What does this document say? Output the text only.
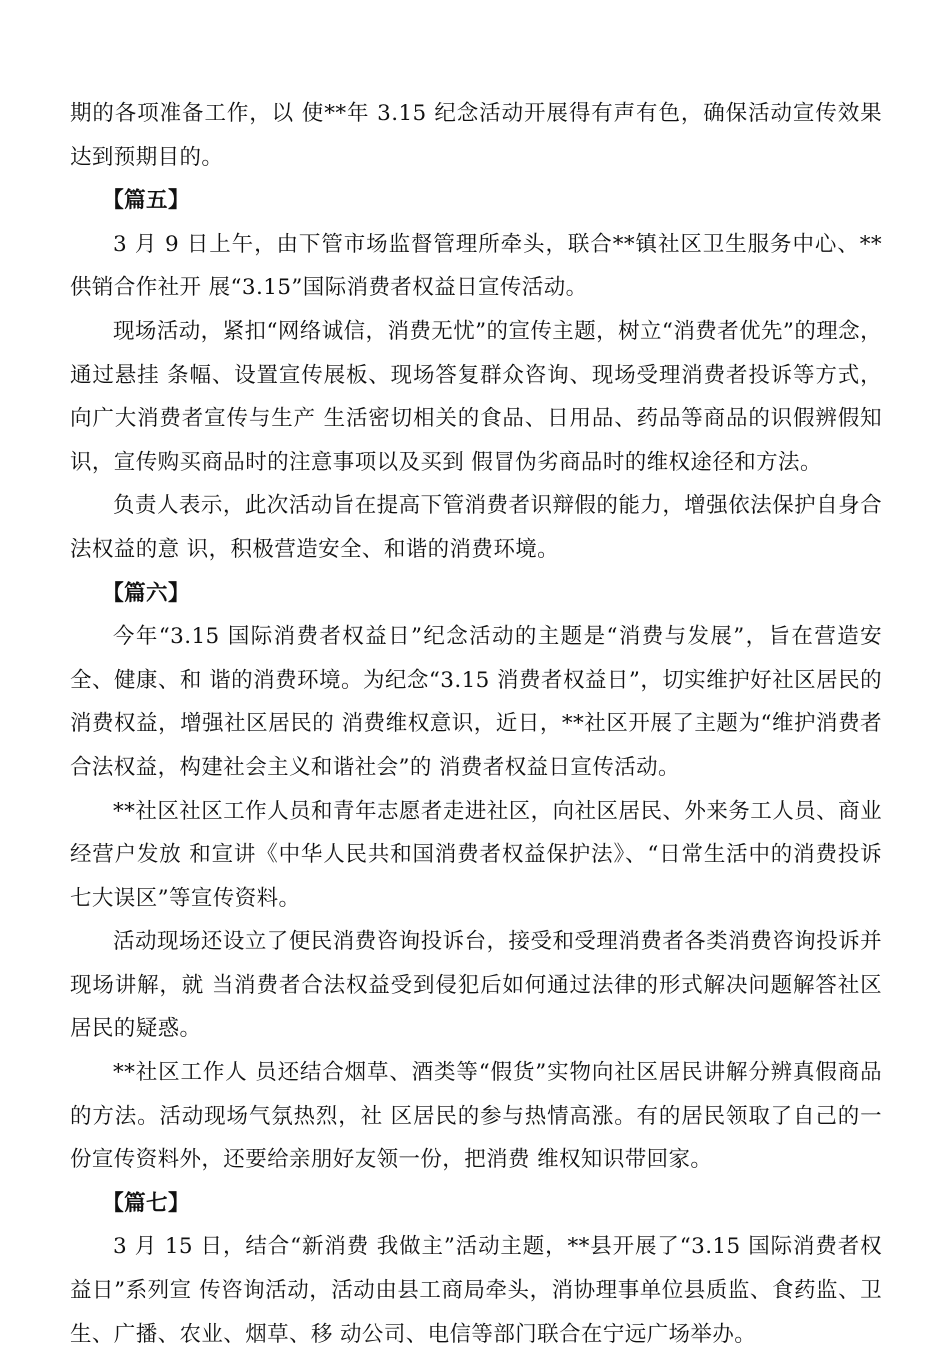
期的各项准备工作，以 使**年 3.15 纪念活动开展得有声有色，确保活动宣传效果达到预期目的。

【篇五】

3 月 9 日上午，由下管市场监督管理所牵头，联合**镇社区卫生服务中心、**供销合作社开 展“3.15”国际消费者权益日宣传活动。

现场活动，紧扣“网络诚信，消费无忧”的宣传主题，树立“消费者优先”的理念，通过悬挂 条幅、设置宣传展板、现场答复群众咨询、现场受理消费者投诉等方式，向广大消费者宣传与生产 生活密切相关的食品、日用品、药品等商品的识假辨假知识，宣传购买商品时的注意事项以及买到 假冒伪劣商品时的维权途径和方法。

负责人表示，此次活动旨在提高下管消费者识辩假的能力，增强依法保护自身合法权益的意 识，积极营造安全、和谐的消费环境。

【篇六】

今年“3.15 国际消费者权益日”纪念活动的主题是“消费与发展”，旨在营造安全、健康、和 谐的消费环境。为纪念“3.15 消费者权益日”，切实维护好社区居民的消费权益，增强社区居民的 消费维权意识，近日，**社区开展了主题为“维护消费者合法权益，构建社会主义和谐社会”的 消费者权益日宣传活动。

**社区社区工作人员和青年志愿者走进社区，向社区居民、外来务工人员、商业经营户发放 和宣讲《中华人民共和国消费者权益保护法》、“日常生活中的消费投诉七大误区”等宣传资料。

活动现场还设立了便民消费咨询投诉台，接受和受理消费者各类消费咨询投诉并现场讲解，就 当消费者合法权益受到侵犯后如何通过法律的形式解决问题解答社区居民的疑惑。

**社区工作人 员还结合烟草、酒类等“假货”实物向社区居民讲解分辨真假商品的方法。活动现场气氛热烈，社 区居民的参与热情高涨。有的居民领取了自己的一份宣传资料外，还要给亲朋好友领一份，把消费 维权知识带回家。

【篇七】

3 月 15 日，结合“新消费 我做主”活动主题，**县开展了“3.15 国际消费者权益日”系列宣 传咨询活动，活动由县工商局牵头，消协理事单位县质监、食药监、卫生、广播、农业、烟草、移 动公司、电信等部门联合在宁远广场举办。
